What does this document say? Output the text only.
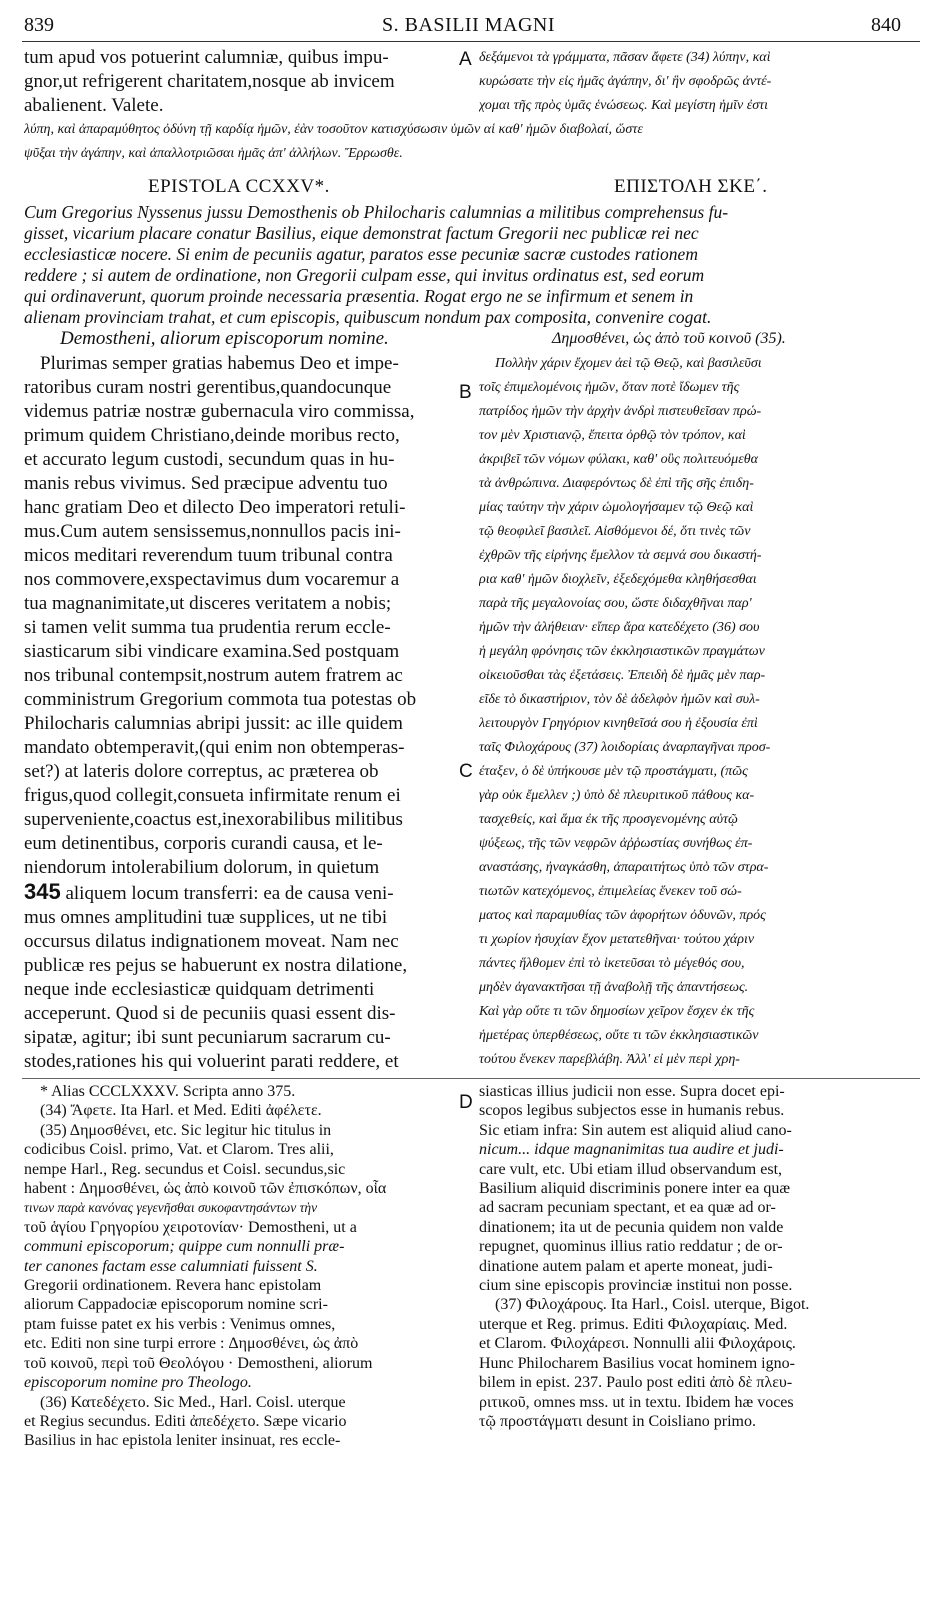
839	S. BASILII MAGNI	840
tum apud vos potuerint calumniæ, quibus impu-
gnor,ut refrigerent charitatem,nosque ab invicem
abalienent. Valete.
A δεξάμενοι τὰ γράμματα, πᾶσαν ἄφετε (34) λύπην, καὶ
κυρώσατε τὴν εἰς ἡμᾶς ἀγάπην, δι' ἣν σφοδρῶς ἀντέ-
χομαι τῆς πρὸς ὑμᾶς ἑνώσεως. Καὶ μεγίστη ἡμῖν ἐστι
λύπη, καὶ ἀπαραμύθητος ὀδύνη τῇ καρδίᾳ ἡμῶν, ἐὰν τοσοῦτον κατισχύσωσιν ὑμῶν αἱ καθ' ἡμῶν διαβολαί, ὥστε
ψῦξαι τὴν ἀγάπην, καὶ ἀπαλλοτριῶσαι ἡμᾶς ἀπ' ἀλλήλων. Ἔρρωσθε.
EPISTOLA CCXXV*.	ΕΠΙΣΤΟΛΗ ΣΚΕ΄.
Cum Gregorius Nyssenus jussu Demosthenis ob Philocharis calumnias a militibus comprehensus fu-
gisset, vicarium placare conatur Basilius, eique demonstrat factum Gregorii nec publicæ rei nec
ecclesiasticæ nocere. Si enim de pecuniis agatur, paratos esse pecuniæ sacræ custodes rationem
reddere ; si autem de ordinatione, non Gregorii culpam esse, qui invitus ordinatus est, sed eorum
qui ordinaverunt, quorum proinde necessaria præsentia. Rogat ergo ne se infirmum et senem in
alienam provinciam trahat, et cum episcopis, quibuscum nondum pax composita, convenire cogat.
Demostheni, aliorum episcoporum nomine.	Δημοσθένει, ὡς ἀπὸ τοῦ κοινοῦ (35).
Plurimas semper gratias habemus Deo et impe-
ratoribus curam nostri gerentibus,quandocunque
videmus patriæ nostræ gubernacula viro commissa,
primum quidem Christiano,deinde moribus recto,
et accurato legum custodi, secundum quas in hu-
manis rebus vivimus. Sed præcipue adventu tuo
hanc gratiam Deo et dilecto Deo imperatori retuli-
mus.Cum autem sensissemus,nonnullos pacis ini-
micos meditari reverendum tuum tribunal contra
nos commovere,exspectavimus dum vocaremur a
tua magnanimitate,ut disceres veritatem a nobis;
si tamen velit summa tua prudentia rerum eccle-
siasticarum sibi vindicare examina.Sed postquam
nos tribunal contempsit,nostrum autem fratrem ac
comministrum Gregorium commota tua potestas ob
Philocharis calumnias abripi jussit: ac ille quidem
mandato obtemperavit,(qui enim non obtemperas-
set?) at lateris dolore correptus, ac præterea ob
frigus,quod collegit,consueta infirmitate renum ei
superveniente,coactus est,inexorabilibus militibus
eum detinentibus, corporis curandi causa, et le-
niendorum intolerabilium dolorum, in quietum
345 aliquem locum transferri: ea de causa veni-
mus omnes amplitudini tuæ supplices, ut ne tibi
occursus dilatus indignationem moveat. Nam nec
publicæ res pejus se habuerunt ex nostra dilatione,
neque inde ecclesiasticæ quidquam detrimenti
acceperunt. Quod si de pecuniis quasi essent dis-
sipatæ, agitur; ibi sunt pecuniarum sacrarum cu-
stodes,rationes his qui voluerint parati reddere, et
B
C
D
Πολλὴν χάριν ἔχομεν ἀεὶ τῷ Θεῷ, καὶ βασιλεῦσι
τοῖς ἐπιμελομένοις ἡμῶν, ὅταν ποτὲ ἴδωμεν τῆς
πατρίδος ἡμῶν τὴν ἀρχὴν ἀνδρὶ πιστευθεῖσαν πρώ-
τον μὲν Χριστιανῷ, ἔπειτα ὀρθῷ τὸν τρόπον, καὶ
ἀκριβεῖ τῶν νόμων φύλακι, καθ' οὓς πολιτευόμεθα
τὰ ἀνθρώπινα. Διαφερόντως δὲ ἐπὶ τῆς σῆς ἐπιδη-
μίας ταύτην τὴν χάριν ὡμολογήσαμεν τῷ Θεῷ καὶ
τῷ θεοφιλεῖ βασιλεῖ. Αἰσθόμενοι δέ, ὅτι τινὲς τῶν
ἐχθρῶν τῆς εἰρήνης ἔμελλον τὰ σεμνά σου δικαστή-
ρια καθ' ἡμῶν διοχλεῖν, ἐξεδεχόμεθα κληθήσεσθαι
παρὰ τῆς μεγαλονοίας σου, ὥστε διδαχθῆναι παρ'
ἡμῶν τὴν ἀλήθειαν· εἴπερ ἄρα κατεδέχετο (36) σου
ἡ μεγάλη φρόνησις τῶν ἐκκλησιαστικῶν πραγμάτων
οἰκειοῦσθαι τὰς ἐξετάσεις. Ἐπειδὴ δὲ ἡμᾶς μὲν παρ-
εῖδε τὸ δικαστήριον, τὸν δὲ ἀδελφὸν ἡμῶν καὶ συλ-
λειτουργὸν Γρηγόριον κινηθεῖσά σου ἡ ἐξουσία ἐπὶ
ταῖς Φιλοχάρους (37) λοιδορίαις ἀναρπαγῆναι προσ-
έταξεν, ὁ δὲ ὑπήκουσε μὲν τῷ προστάγματι, (πῶς
γὰρ οὐκ ἔμελλεν ;) ὑπὸ δὲ πλευριτικοῦ πάθους κα-
τασχεθείς, καὶ ἅμα ἐκ τῆς προσγενομένης αὐτῷ
ψύξεως, τῆς τῶν νεφρῶν ἀῤῥωστίας συνήθως ἐπ-
αναστάσης, ἠναγκάσθη, ἀπαραιτήτως ὑπὸ τῶν στρα-
τιωτῶν κατεχόμενος, ἐπιμελείας ἕνεκεν τοῦ σώ-
ματος καὶ παραμυθίας τῶν ἀφορήτων ὀδυνῶν, πρός
τι χωρίον ἡσυχίαν ἔχον μετατεθῆναι· τούτου χάριν
πάντες ἥλθομεν ἐπὶ τὸ ἱκετεῦσαι τὸ μέγεθός σου,
μηδὲν ἀγανακτῆσαι τῇ ἀναβολῇ τῆς ἀπαντήσεως.
Καὶ γὰρ οὔτε τι τῶν δημοσίων χεῖρον ἔσχεν ἐκ τῆς
ἡμετέρας ὑπερθέσεως, οὔτε τι τῶν ἐκκλησιαστικῶν
τούτου ἕνεκεν παρεβλάβη. Ἀλλ' εἰ μὲν περὶ χρη-
* Alias CCCLXXXV. Scripta anno 375.
(34) Ἄφετε. Ita Harl. et Med. Editi ἀφέλετε.
(35) Δημοσθένει, etc. Sic legitur hic titulus in
codicibus Coisl. primo, Vat. et Clarom. Tres alii,
nempe Harl., Reg. secundus et Coisl. secundus,sic
habent : Δημοσθένει, ὡς ἀπὸ κοινοῦ τῶν ἐπισκόπων, οἷα
τινων παρὰ κανόνας γεγενῆσθαι συκοφαντησάντων τὴν
τοῦ ἁγίου Γρηγορίου χειροτονίαν· Demostheni, ut a
communi episcoporum; quippe cum nonnulli præ-
ter canones factam esse calumniati fuissent S.
Gregorii ordinationem. Revera hanc epistolam
aliorum Cappadociæ episcoporum nomine scri-
ptam fuisse patet ex his verbis : Venimus omnes,
etc. Editi non sine turpi errore : Δημοσθένει, ὡς ἀπὸ
τοῦ κοινοῦ, περὶ τοῦ Θεολόγου · Demostheni, aliorum
episcoporum nomine pro Theologo.
(36) Κατεδέχετο. Sic Med., Harl. Coisl. uterque
et Regius secundus. Editi ἀπεδέχετο. Sæpe vicario
Basilius in hac epistola leniter insinuat, res eccle-
siasticas illius judicii non esse. Supra docet epi-
scopos legibus subjectos esse in humanis rebus.
Sic etiam infra: Sin autem est aliquid aliud cano-
nicum... idque magnanimitas tua audire et judi-
care vult, etc. Ubi etiam illud observandum est,
Basilium aliquid discriminis ponere inter ea quæ
ad sacram pecuniam spectant, et ea quæ ad or-
dinationem; ita ut de pecunia quidem non valde
repugnet, quominus illius ratio reddatur ; de or-
dinatione autem palam et aperte moneat, judi-
cium sine episcopis provinciæ institui non posse.
(37) Φιλοχάρους. Ita Harl., Coisl. uterque, Bigot.
uterque et Reg. primus. Editi Φιλοχαρίαις. Med.
et Clarom. Φιλοχάρεσι. Nonnulli alii Φιλοχάροις.
Hunc Philocharem Basilius vocat hominem igno-
bilem in epist. 237. Paulo post editi ἀπὸ δὲ πλευ-
ριτικοῦ, omnes mss. ut in textu. Ibidem hæ voces
τῷ προστάγματι desunt in Coisliano primo.
